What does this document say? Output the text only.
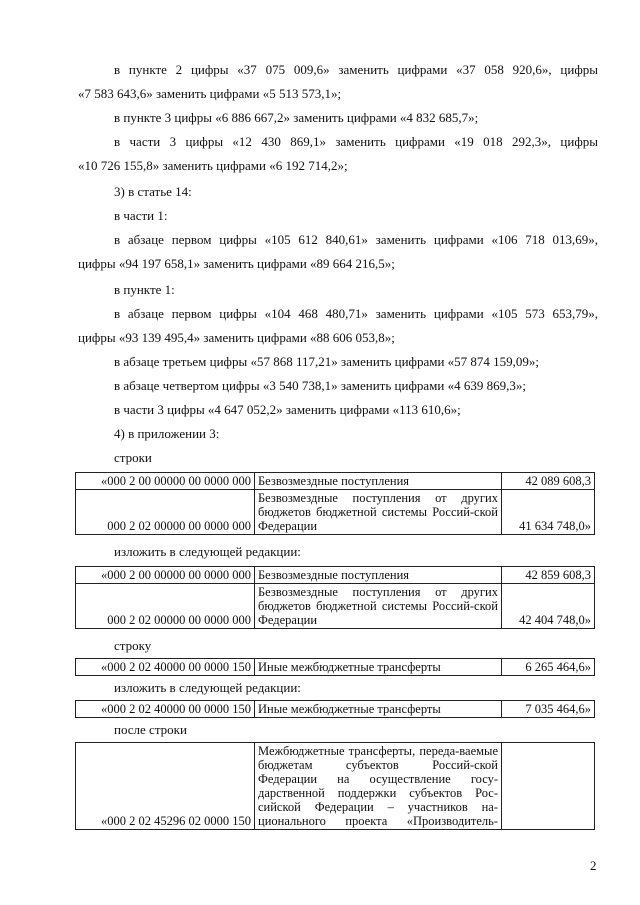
в пункте 2 цифры «37 075 009,6» заменить цифрами «37 058 920,6», цифры

«7 583 643,6» заменить цифрами «5 513 573,1»;

в пункте 3 цифры «6 886 667,2» заменить цифрами «4 832 685,7»;

в части 3 цифры «12 430 869,1» заменить цифрами «19 018 292,3», цифры

«10 726 155,8» заменить цифрами «6 192 714,2»;

3) в статье 14:

в части 1:

в абзаце первом цифры «105 612 840,61» заменить цифрами «106 718 013,69»,

цифры «94 197 658,1» заменить цифрами «89 664 216,5»;

в пункте 1:

в абзаце первом цифры «104 468 480,71» заменить цифрами «105 573 653,79»,

цифры «93 139 495,4» заменить цифрами «88 606 053,8»;

в абзаце третьем цифры «57 868 117,21» заменить цифрами «57 874 159,09»;

в абзаце четвертом цифры «3 540 738,1» заменить цифрами «4 639 869,3»;

в части 3 цифры «4 647 052,2» заменить цифрами «113 610,6»;

4) в приложении 3:

строки

«000 2 00 00000 00 0000 000	Безвозмездные поступления	42 089 608,3
000 2 02 00000 00 0000 000	Безвозмездные поступления от других бюджетов бюджетной системы Россий-ской Федерации	41 634 748,0»

изложить в следующей редакции:

«000 2 00 00000 00 0000 000	Безвозмездные поступления	42 859 608,3
000 2 02 00000 00 0000 000	Безвозмездные поступления от других бюджетов бюджетной системы Россий-ской Федерации	42 404 748,0»

строку

«000 2 02 40000 00 0000 150	Иные межбюджетные трансферты	6 265 464,6»

изложить в следующей редакции:

«000 2 02 40000 00 0000 150	Иные межбюджетные трансферты	7 035 464,6»

после строки

«000 2 02 45296 02 0000 150	Межбюджетные трансферты, переда-ваемые бюджетам субъектов Россий-ской Федерации на осуществление госу-дарственной поддержки субъектов Рос-сийской Федерации – участников на-ционального проекта «Производитель-	
2
